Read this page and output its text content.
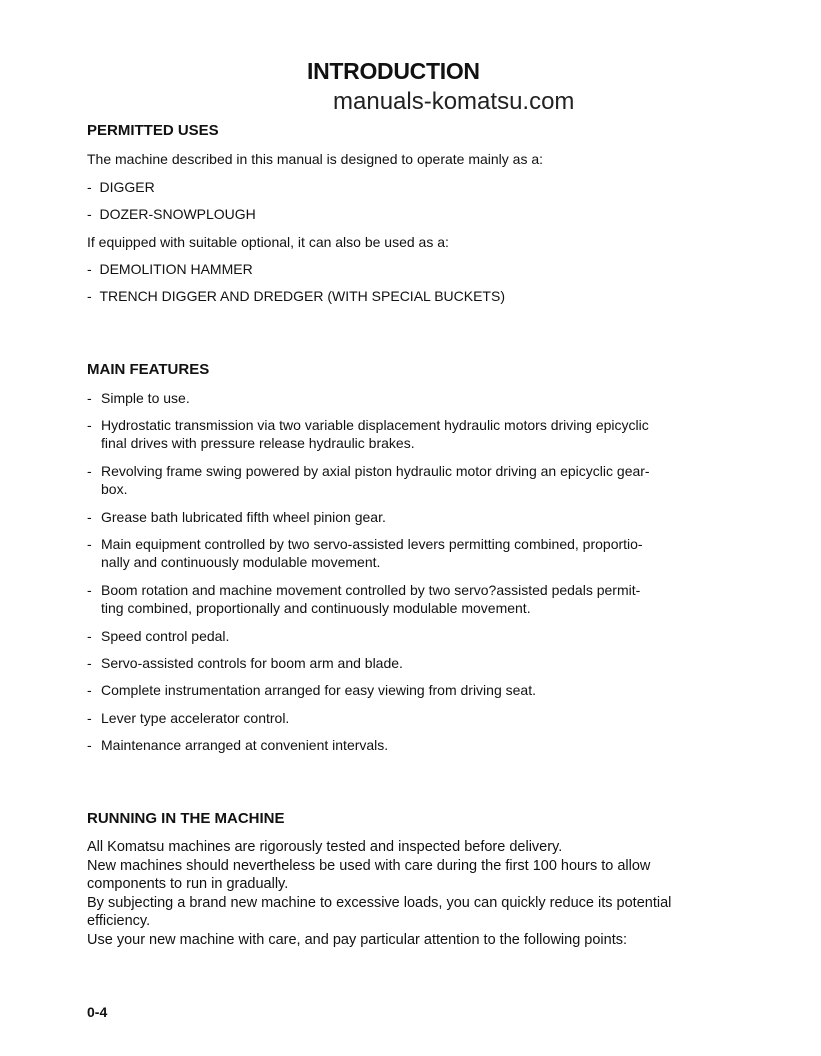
INTRODUCTION
manuals-komatsu.com
PERMITTED USES
The machine described in this manual is designed to operate mainly as a:
- DIGGER
- DOZER-SNOWPLOUGH
If equipped with suitable optional, it can also be used as a:
- DEMOLITION HAMMER
- TRENCH DIGGER AND DREDGER (WITH SPECIAL BUCKETS)
MAIN FEATURES
- Simple to use.
- Hydrostatic transmission via two variable displacement hydraulic motors driving epicyclic
final drives with pressure release hydraulic brakes.
- Revolving frame swing powered by axial piston hydraulic motor driving an epicyclic gear-
box.
- Grease bath lubricated fifth wheel pinion gear.
- Main equipment controlled by two servo-assisted levers permitting combined, proportio-
nally and continuously modulable movement.
- Boom rotation and machine movement controlled by two servo?assisted pedals permit-
ting combined, proportionally and continuously modulable movement.
- Speed control pedal.
- Servo-assisted controls for boom arm and blade.
- Complete instrumentation arranged for easy viewing from driving seat.
- Lever type accelerator control.
- Maintenance arranged at convenient intervals.
RUNNING IN THE MACHINE
All Komatsu machines are rigorously tested and inspected before delivery.
New machines should nevertheless be used with care during the first 100 hours to allow
components to run in gradually.
By subjecting a brand new machine to excessive loads, you can quickly reduce its potential
efficiency.
Use your new machine with care, and pay particular attention to the following points:
0-4
